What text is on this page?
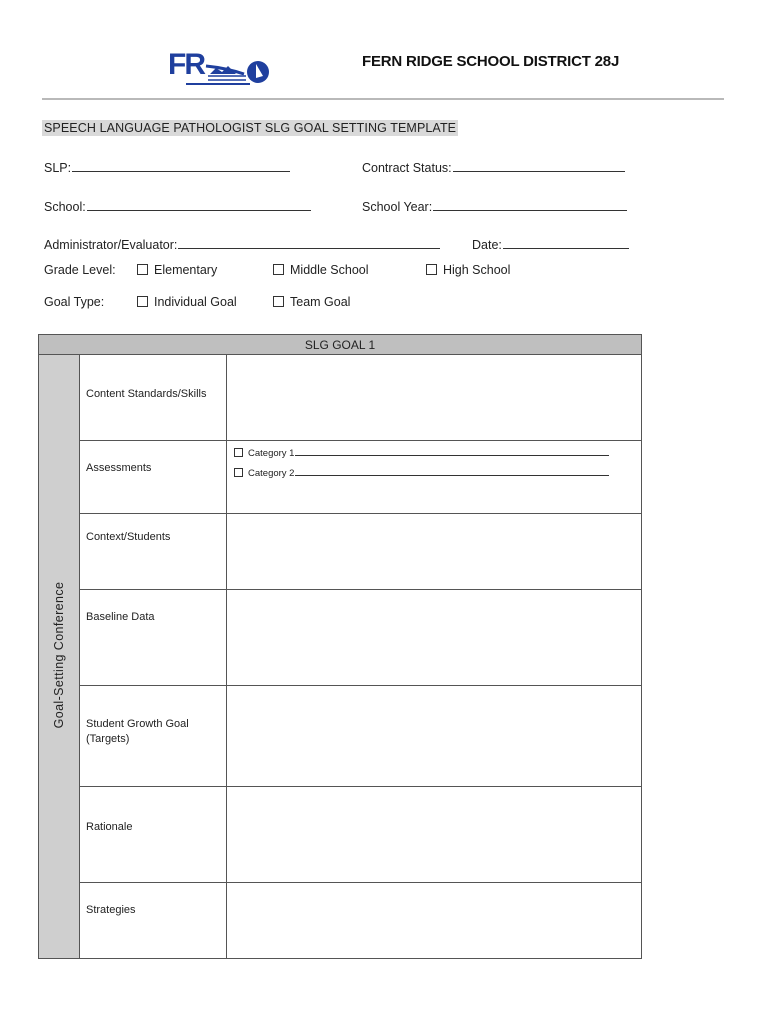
FR	FERN RIDGE SCHOOL DISTRICT 28J
SPEECH LANGUAGE PATHOLOGIST SLG GOAL SETTING TEMPLATE
SLP:	Contract Status:
School:	School Year:
Administrator/Evaluator:	Date:
Grade Level:	Elementary	Middle School	High School
Goal Type:	Individual Goal	Team Goal
SLG GOAL 1
Goal-Setting Conference
Content Standards/Skills
Assessments
Category 1
Category 2
Context/Students
Baseline Data
Student Growth Goal (Targets)
Rationale
Strategies
